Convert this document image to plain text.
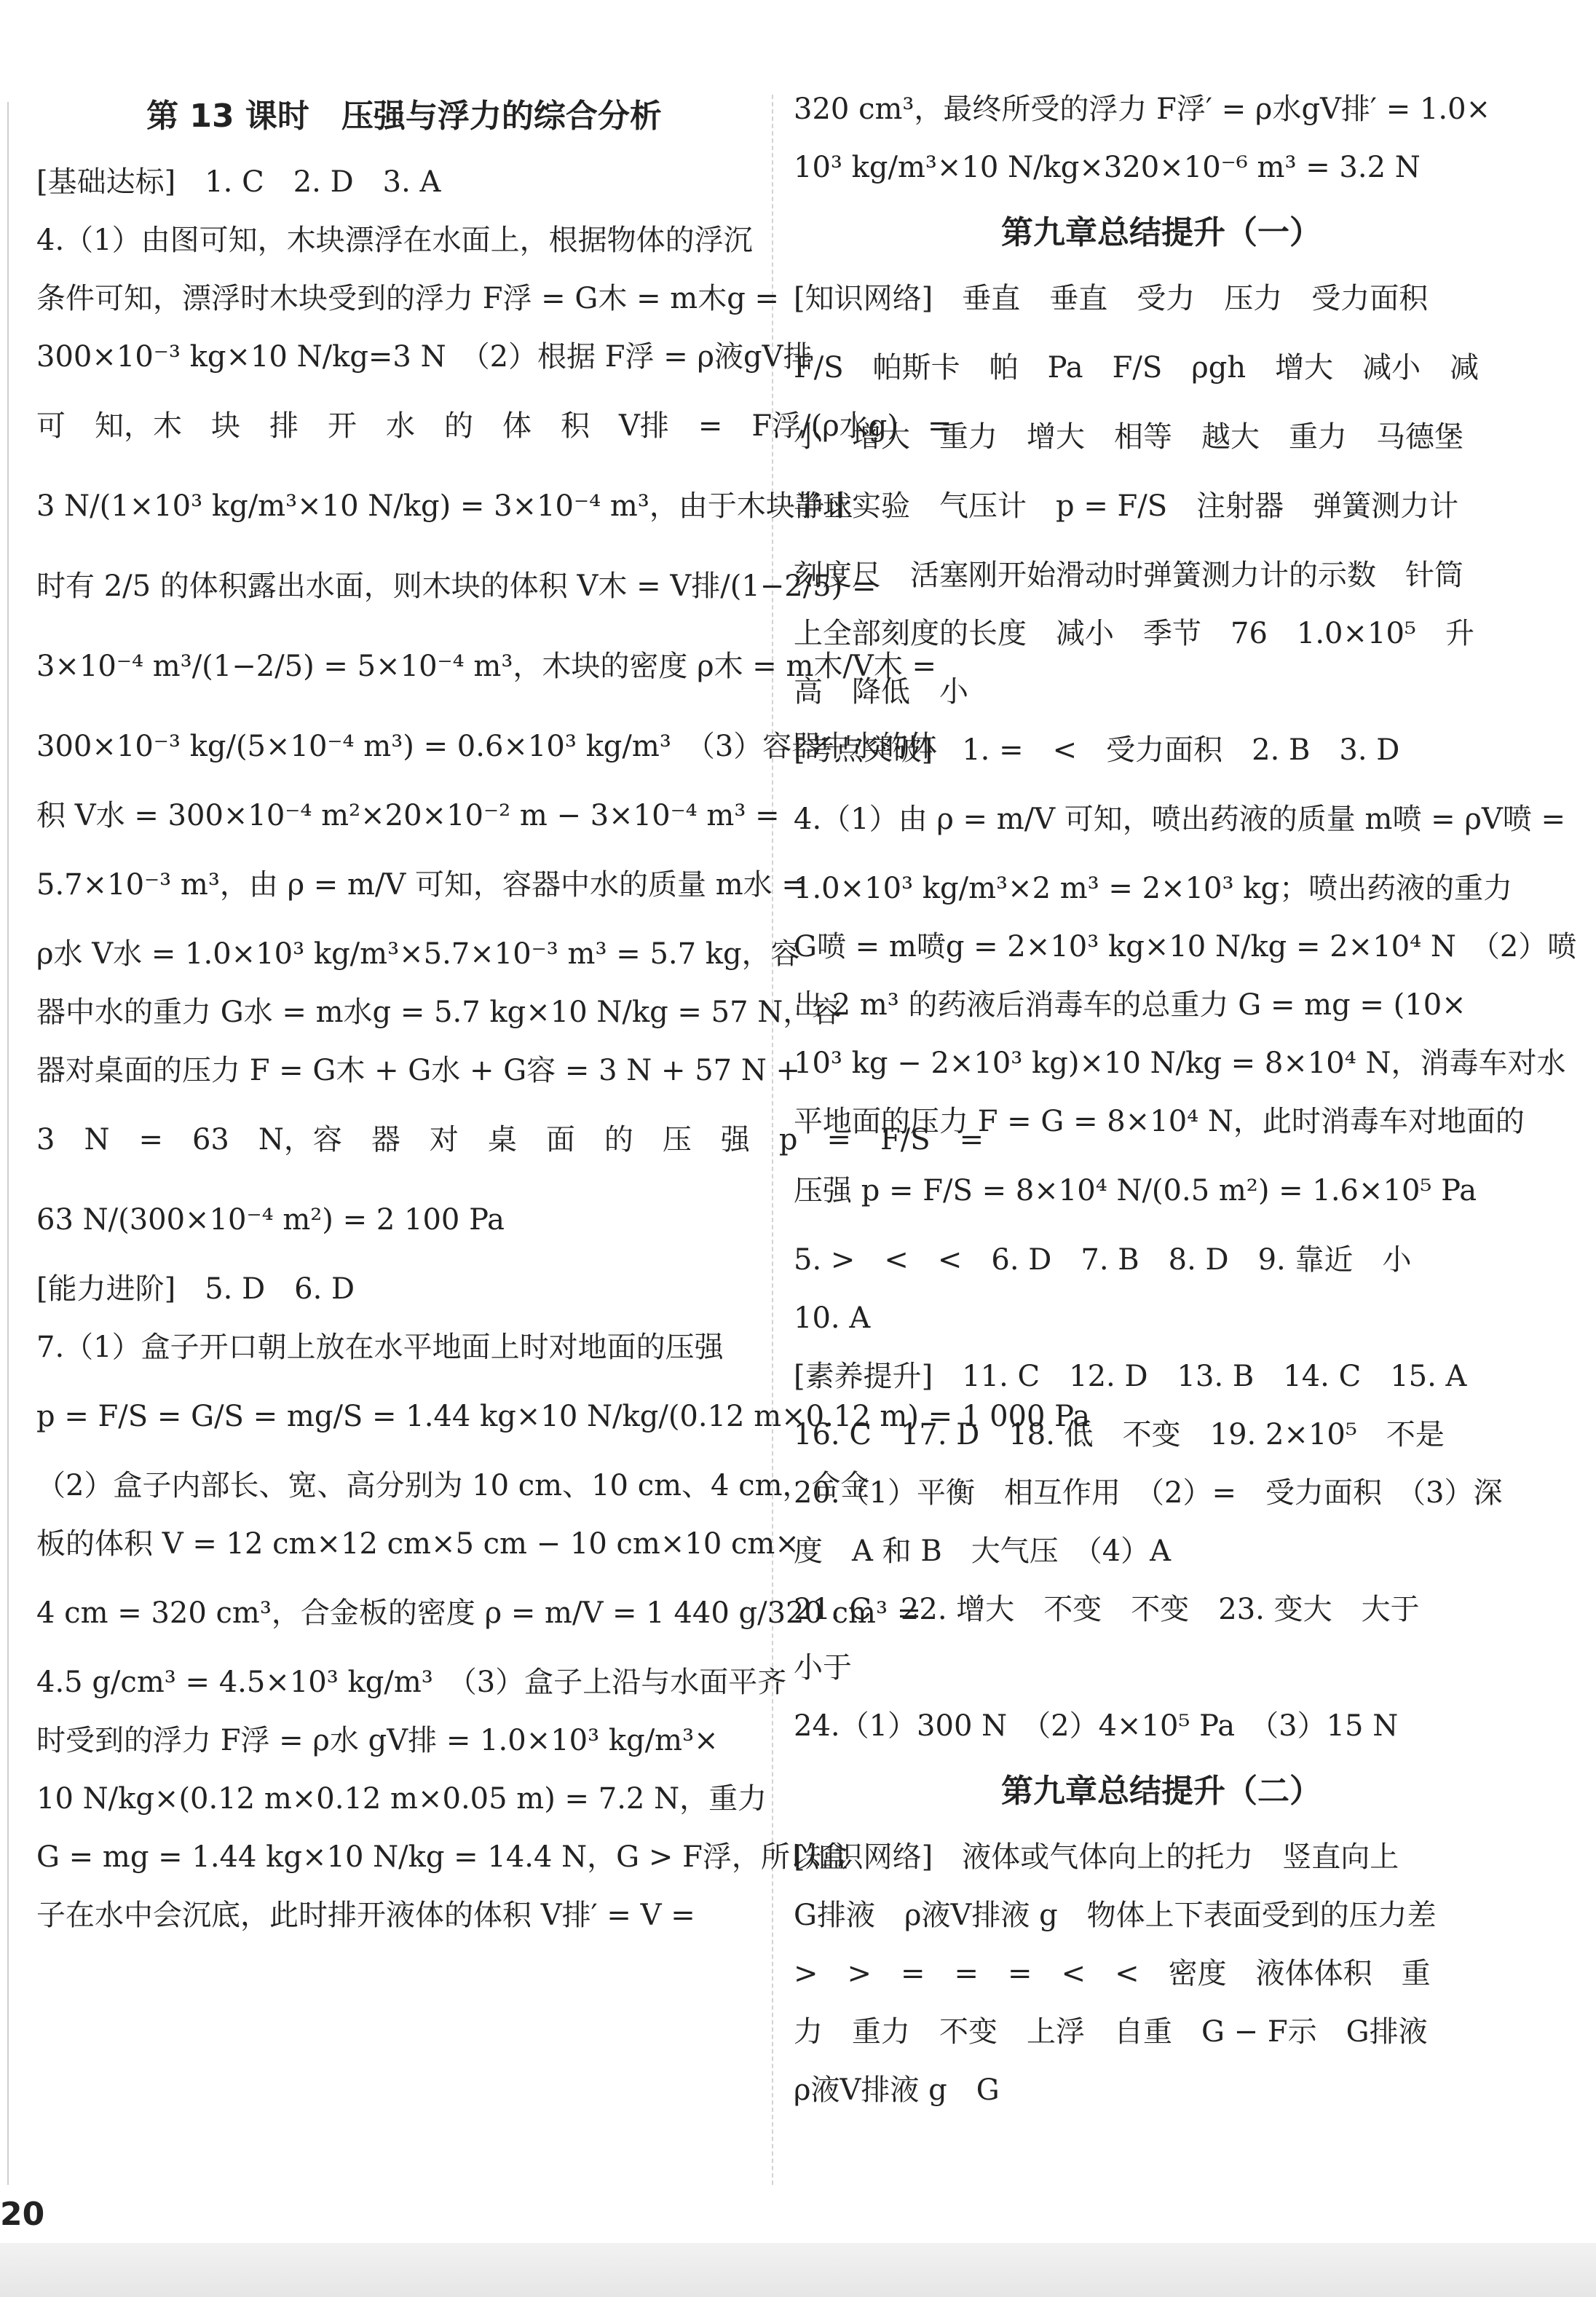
第 13 课时　压强与浮力的综合分析
[基础达标]　1. C　2. D　3. A
4.（1）由图可知，木块漂浮在水面上，根据物体的浮沉
条件可知，漂浮时木块受到的浮力 F浮 = G木 = m木g =
300×10⁻³ kg×10 N/kg=3 N　（2）根据 F浮 = ρ液gV排
可　知，木　块　排　开　水　的　体　积　V排　=　F浮/(ρ水g)　=
3 N/(1×10³ kg/m³×10 N/kg) = 3×10⁻⁴ m³，由于木块静止
时有 2/5 的体积露出水面，则木块的体积 V木 = V排/(1−2/5) =
3×10⁻⁴ m³/(1−2/5) = 5×10⁻⁴ m³，木块的密度 ρ木 = m木/V木 =
300×10⁻³ kg/(5×10⁻⁴ m³) = 0.6×10³ kg/m³　（3）容器中水的体
积 V水 = 300×10⁻⁴ m²×20×10⁻² m − 3×10⁻⁴ m³ =
5.7×10⁻³ m³，由 ρ = m/V 可知，容器中水的质量 m水 =
ρ水 V水 = 1.0×10³ kg/m³×5.7×10⁻³ m³ = 5.7 kg，容
器中水的重力 G水 = m水g = 5.7 kg×10 N/kg = 57 N，容
器对桌面的压力 F = G木 + G水 + G容 = 3 N + 57 N +
3　N　=　63　N，容　器　对　桌　面　的　压　强　p　=　F/S　=
63 N/(300×10⁻⁴ m²) = 2 100 Pa
[能力进阶]　5. D　6. D
7.（1）盒子开口朝上放在水平地面上时对地面的压强
p = F/S = G/S = mg/S = 1.44 kg×10 N/kg/(0.12 m×0.12 m) = 1 000 Pa
（2）盒子内部长、宽、高分别为 10 cm、10 cm、4 cm，合金
板的体积 V = 12 cm×12 cm×5 cm − 10 cm×10 cm×
4 cm = 320 cm³，合金板的密度 ρ = m/V = 1 440 g/320 cm³ =
4.5 g/cm³ = 4.5×10³ kg/m³　（3）盒子上沿与水面平齐
时受到的浮力 F浮 = ρ水 gV排 = 1.0×10³ kg/m³×
10 N/kg×(0.12 m×0.12 m×0.05 m) = 7.2 N，重力
G = mg = 1.44 kg×10 N/kg = 14.4 N，G > F浮，所以盒
子在水中会沉底，此时排开液体的体积 V排′ = V =
320 cm³，最终所受的浮力 F浮′ = ρ水gV排′ = 1.0×
10³ kg/m³×10 N/kg×320×10⁻⁶ m³ = 3.2 N
第九章总结提升（一）
[知识网络]　垂直　垂直　受力　压力　受力面积
F/S　帕斯卡　帕　Pa　F/S　ρgh　增大　减小　减
小　增大　重力　增大　相等　越大　重力　马德堡
半球实验　气压计　p = F/S　注射器　弹簧测力计
刻度尺　活塞刚开始滑动时弹簧测力计的示数　针筒
上全部刻度的长度　减小　季节　76　1.0×10⁵　升
高　降低　小
[考点突破]　1. =　<　受力面积　2. B　3. D
4.（1）由 ρ = m/V 可知，喷出药液的质量 m喷 = ρV喷 =
1.0×10³ kg/m³×2 m³ = 2×10³ kg；喷出药液的重力
G喷 = m喷g = 2×10³ kg×10 N/kg = 2×10⁴ N　（2）喷
出 2 m³ 的药液后消毒车的总重力 G = mg = (10×
10³ kg − 2×10³ kg)×10 N/kg = 8×10⁴ N，消毒车对水
平地面的压力 F = G = 8×10⁴ N，此时消毒车对地面的
压强 p = F/S = 8×10⁴ N/(0.5 m²) = 1.6×10⁵ Pa
5. >　<　<　6. D　7. B　8. D　9. 靠近　小
10. A
[素养提升]　11. C　12. D　13. B　14. C　15. A
16. C　17. D　18. 低　不变　19. 2×10⁵　不是
20.（1）平衡　相互作用　（2）=　受力面积　（3）深
度　A 和 B　大气压　（4）A
21. C　22. 增大　不变　不变　23. 变大　大于
小于
24.（1）300 N　（2）4×10⁵ Pa　（3）15 N
第九章总结提升（二）
[知识网络]　液体或气体向上的托力　竖直向上
G排液　ρ液V排液 g　物体上下表面受到的压力差
>　>　=　=　=　<　<　密度　液体体积　重
力　重力　不变　上浮　自重　G − F示　G排液
ρ液V排液 g　G
20
